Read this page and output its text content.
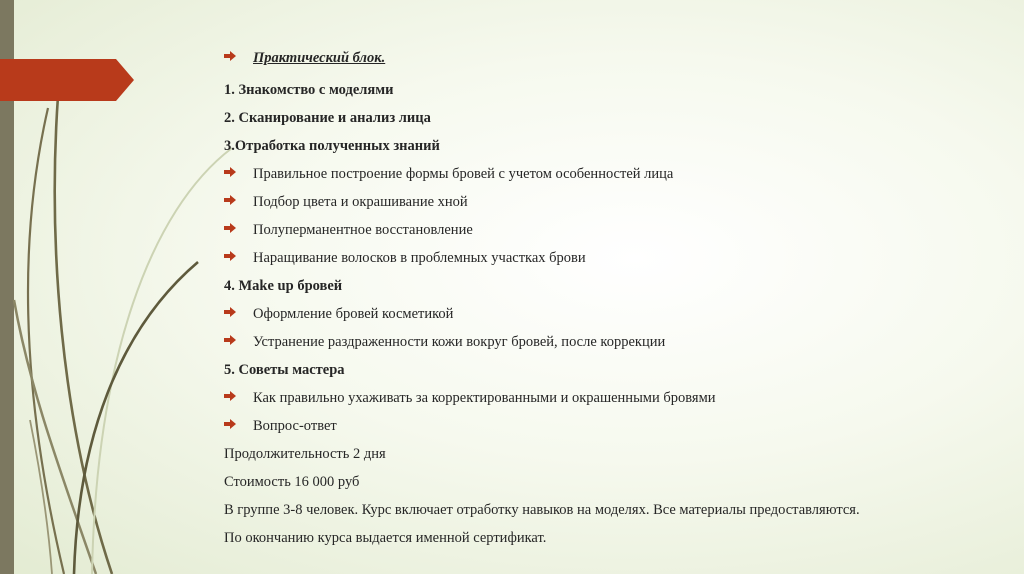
Практический блок.
1. Знакомство с моделями
2. Сканирование и анализ лица
3.Отработка полученных знаний
Правильное построение формы бровей с учетом особенностей лица
Подбор цвета и окрашивание хной
Полуперманентное восстановление
Наращивание волосков в проблемных участках брови
4. Make up бровей
Оформление бровей косметикой
Устранение раздраженности кожи вокруг бровей, после коррекции
5. Советы мастера
Как правильно ухаживать за корректированными и окрашенными бровями
Вопрос-ответ
Продолжительность 2 дня
Стоимость 16 000 руб
В группе 3-8 человек. Курс включает отработку навыков на моделях. Все материалы предоставляются.
По окончанию курса выдается именной сертификат.
